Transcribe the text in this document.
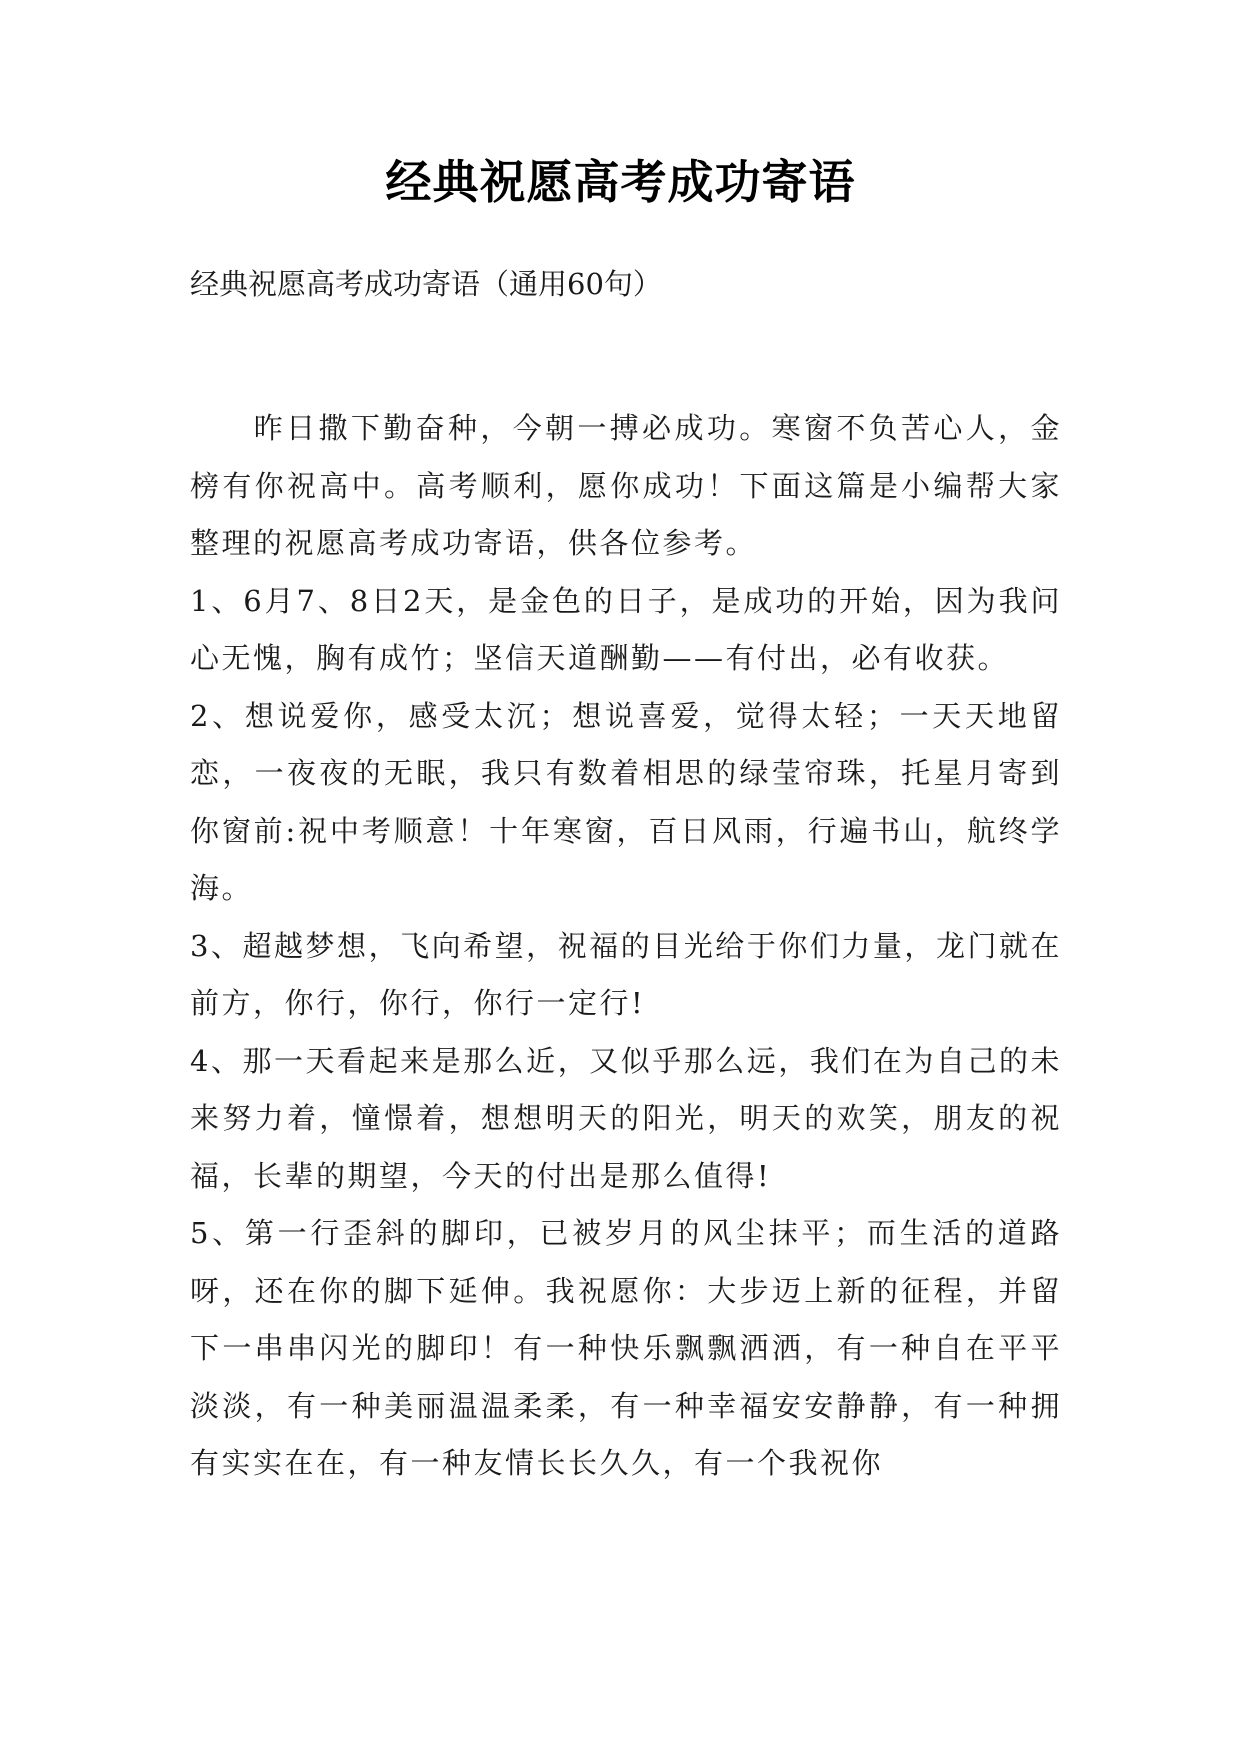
经典祝愿高考成功寄语

经典祝愿高考成功寄语（通用60句）

昨日撒下勤奋种，今朝一搏必成功。寒窗不负苦心人，金榜有你祝高中。高考顺利，愿你成功！下面这篇是小编帮大家整理的祝愿高考成功寄语，供各位参考。

1、6月7、8日2天，是金色的日子，是成功的开始，因为我问心无愧，胸有成竹；坚信天道酬勤——有付出，必有收获。

2、想说爱你，感受太沉；想说喜爱，觉得太轻；一天天地留恋，一夜夜的无眠，我只有数着相思的绿莹帘珠，托星月寄到你窗前:祝中考顺意！十年寒窗，百日风雨，行遍书山，航终学海。

3、超越梦想，飞向希望，祝福的目光给于你们力量，龙门就在前方，你行，你行，你行一定行!

4、那一天看起来是那么近，又似乎那么远，我们在为自己的未来努力着，憧憬着，想想明天的阳光，明天的欢笑，朋友的祝福，长辈的期望，今天的付出是那么值得!

5、第一行歪斜的脚印，已被岁月的风尘抹平；而生活的道路呀，还在你的脚下延伸。我祝愿你：大步迈上新的征程，并留下一串串闪光的脚印！有一种快乐飘飘洒洒，有一种自在平平淡淡，有一种美丽温温柔柔，有一种幸福安安静静，有一种拥有实实在在，有一种友情长长久久，有一个我祝你
